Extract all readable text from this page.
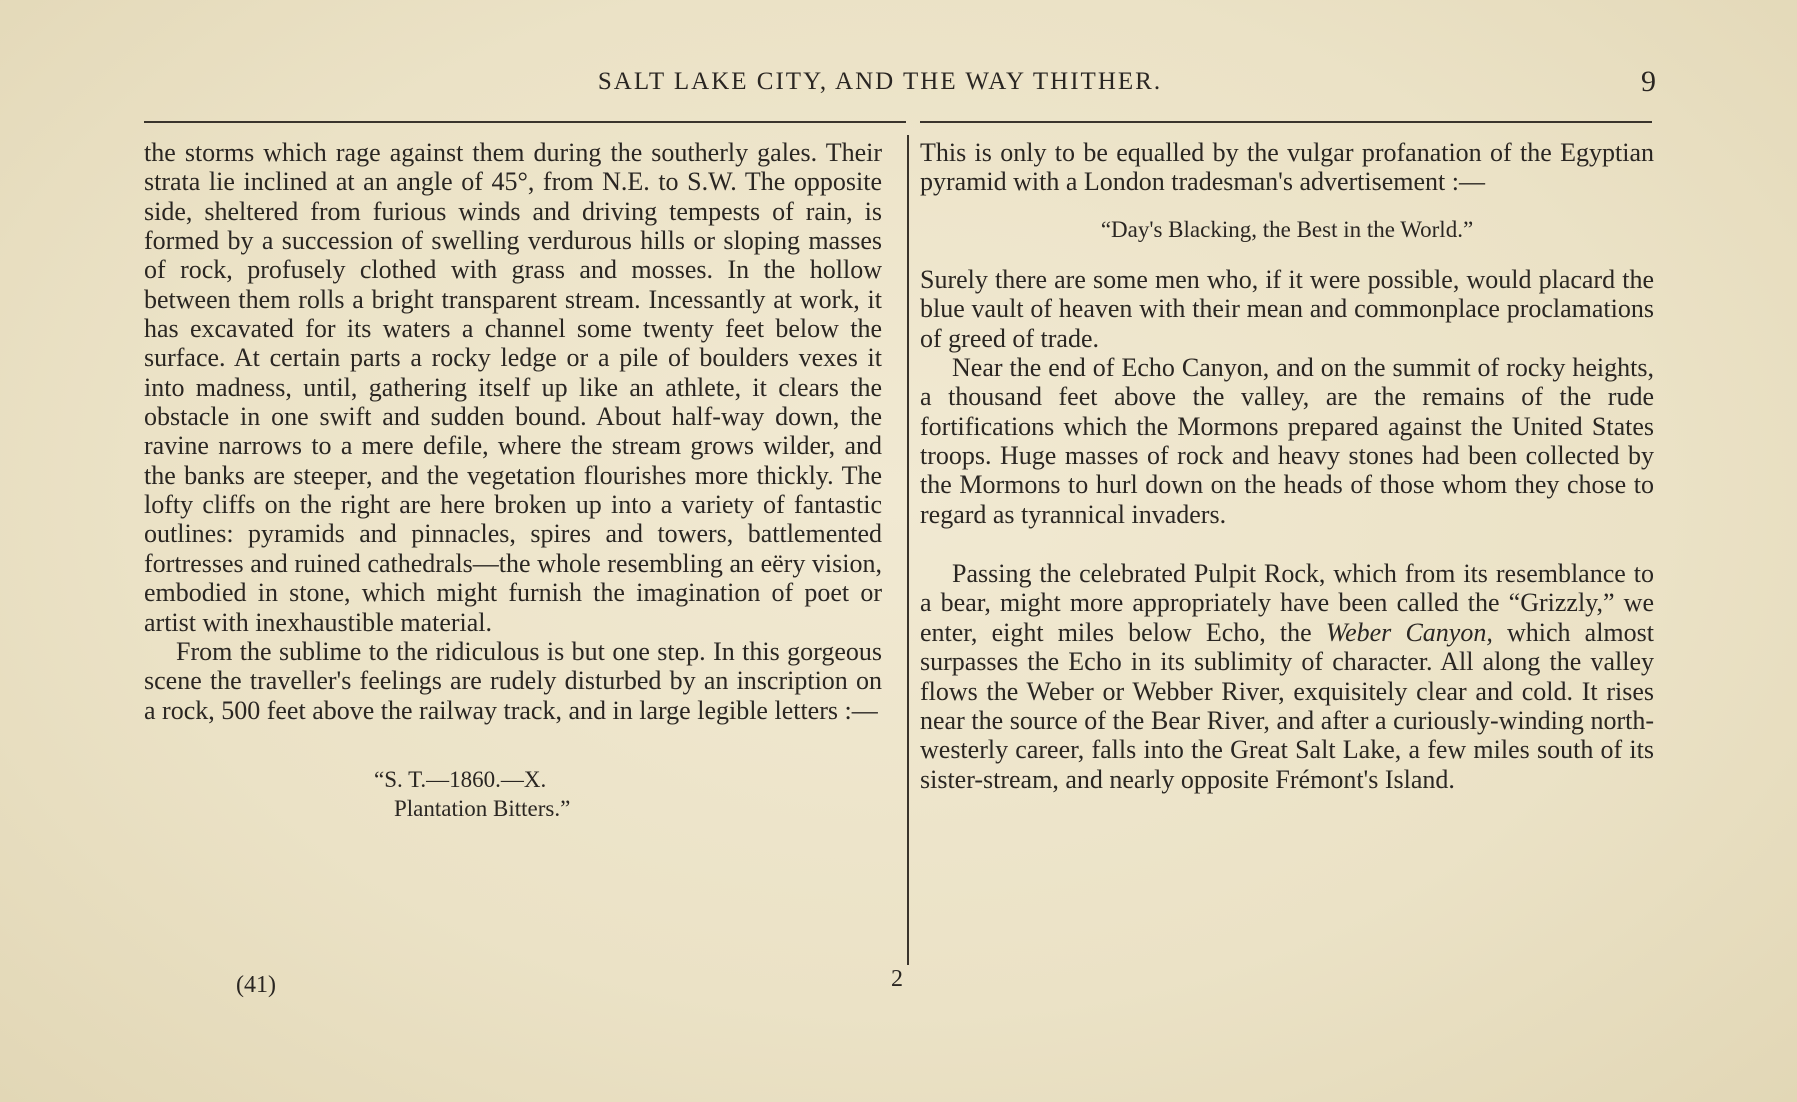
SALT LAKE CITY, AND THE WAY THITHER.	9

the storms which rage against them during the southerly gales. Their strata lie inclined at an angle of 45°, from N.E. to S.W. The opposite side, sheltered from furious winds and driving tempests of rain, is formed by a succession of swelling verdurous hills or sloping masses of rock, profusely clothed with grass and mosses. In the hollow between them rolls a bright transparent stream. Incessantly at work, it has excavated for its waters a channel some twenty feet below the surface. At certain parts a rocky ledge or a pile of boulders vexes it into madness, until, gathering itself up like an athlete, it clears the obstacle in one swift and sudden bound. About half-way down, the ravine narrows to a mere defile, where the stream grows wilder, and the banks are steeper, and the vegetation flourishes more thickly. The lofty cliffs on the right are here broken up into a variety of fantastic outlines: pyramids and pinnacles, spires and towers, battlemented fortresses and ruined cathedrals—the whole resembling an eëry vision, embodied in stone, which might furnish the imagination of poet or artist with inexhaustible material.

From the sublime to the ridiculous is but one step. In this gorgeous scene the traveller's feelings are rudely disturbed by an inscription on a rock, 500 feet above the railway track, and in large legible letters :—

“S. T.—1860.—X.
Plantation Bitters.”

This is only to be equalled by the vulgar profanation of the Egyptian pyramid with a London tradesman's advertisement :—

“Day's Blacking, the Best in the World.”

Surely there are some men who, if it were possible, would placard the blue vault of heaven with their mean and commonplace proclamations of greed of trade.

Near the end of Echo Canyon, and on the summit of rocky heights, a thousand feet above the valley, are the remains of the rude fortifications which the Mormons prepared against the United States troops. Huge masses of rock and heavy stones had been collected by the Mormons to hurl down on the heads of those whom they chose to regard as tyrannical invaders.

Passing the celebrated Pulpit Rock, which from its resemblance to a bear, might more appropriately have been called the “Grizzly,” we enter, eight miles below Echo, the Weber Canyon, which almost surpasses the Echo in its sublimity of character. All along the valley flows the Weber or Webber River, exquisitely clear and cold. It rises near the source of the Bear River, and after a curiously-winding north-westerly career, falls into the Great Salt Lake, a few miles south of its sister-stream, and nearly opposite Frémont's Island.

(41)	2
